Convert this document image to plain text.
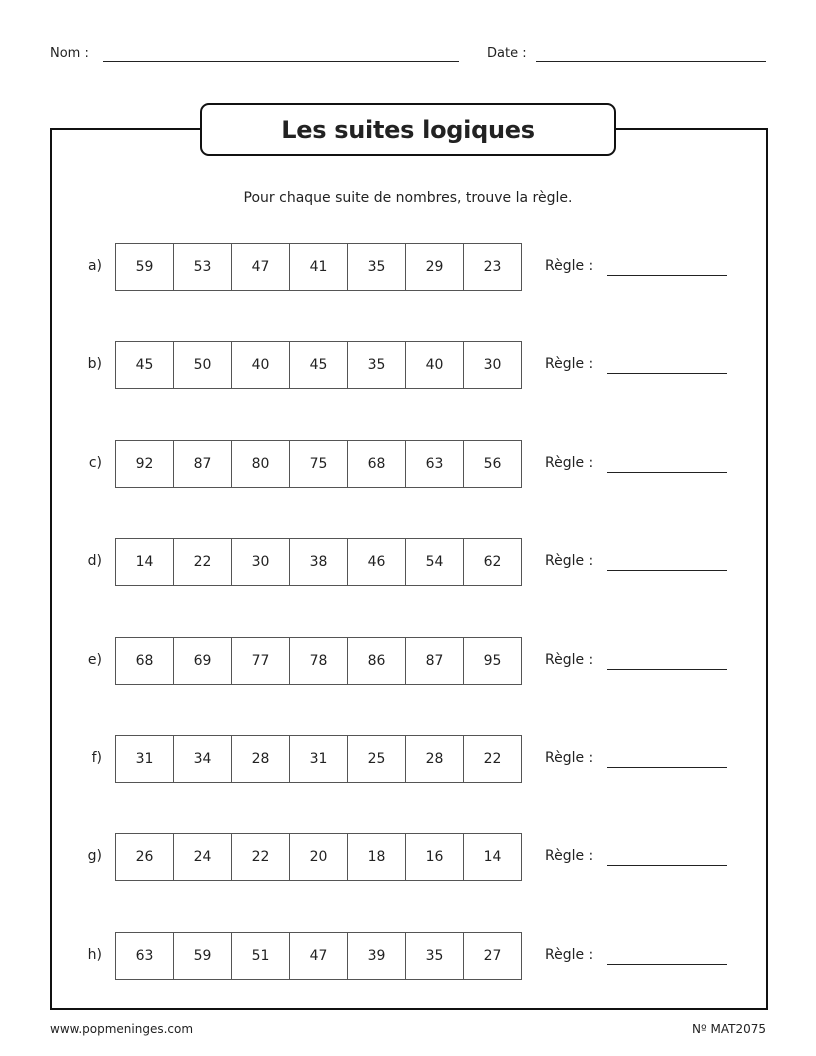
Nom :	Date :
Les suites logiques
Pour chaque suite de nombres, trouve la règle.
a)	59	53	47	41	35	29	23	Règle :
b)	45	50	40	45	35	40	30	Règle :
c)	92	87	80	75	68	63	56	Règle :
d)	14	22	30	38	46	54	62	Règle :
e)	68	69	77	78	86	87	95	Règle :
f)	31	34	28	31	25	28	22	Règle :
g)	26	24	22	20	18	16	14	Règle :
h)	63	59	51	47	39	35	27	Règle :
www.popmeninges.com	Nº MAT2075
